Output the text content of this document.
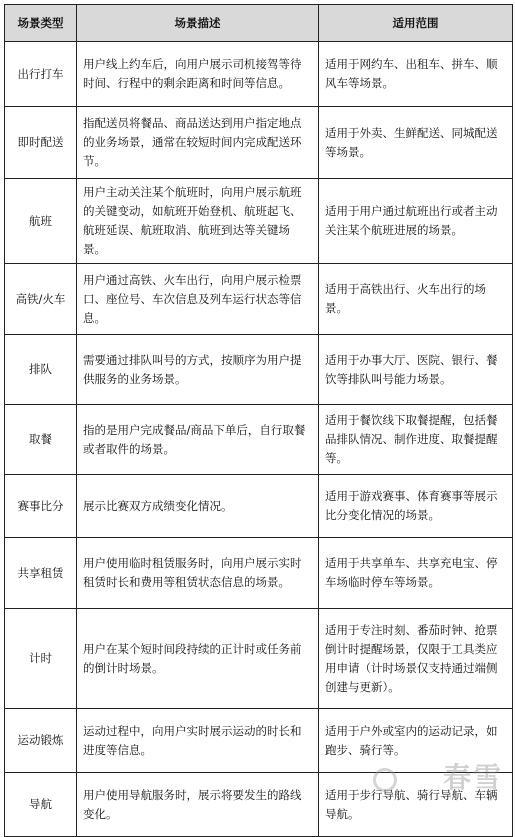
场景类型	场景描述	适用范围
出行打车	用户线上约车后，向用户展示司机接驾等待时间、行程中的剩余距离和时间等信息。	适用于网约车、出租车、拼车、顺风车等场景。
即时配送	指配送员将餐品、商品送达到用户指定地点的业务场景，通常在较短时间内完成配送环节。	适用于外卖、生鲜配送、同城配送等场景。
航班	用户主动关注某个航班时，向用户展示航班的关键变动，如航班开始登机、航班起飞、航班延误、航班取消、航班到达等关键场景。	适用于用户通过航班出行或者主动关注某个航班进展的场景。
高铁/火车	用户通过高铁、火车出行，向用户展示检票口、座位号、车次信息及列车运行状态等信息。	适用于高铁出行、火车出行的场景。
排队	需要通过排队叫号的方式，按顺序为用户提供服务的业务场景。	适用于办事大厅、医院、银行、餐饮等排队叫号能力场景。
取餐	指的是用户完成餐品/商品下单后，自行取餐或者取件的场景。	适用于餐饮线下取餐提醒，包括餐品排队情况、制作进度、取餐提醒等。
赛事比分	展示比赛双方成绩变化情况。	适用于游戏赛事、体育赛事等展示比分变化情况的场景。
共享租赁	用户使用临时租赁服务时，向用户展示实时租赁时长和费用等租赁状态信息的场景。	适用于共享单车、共享充电宝、停车场临时停车等场景。
计时	用户在某个短时间段持续的正计时或任务前的倒计时场景。	适用于专注时刻、番茄时钟、抢票倒计时提醒场景，仅限于工具类应用申请（计时场景仅支持通过端侧创建与更新）。
运动锻炼	运动过程中，向用户实时展示运动的时长和进度等信息。	适用于户外或室内的运动记录，如跑步、骑行等。
导航	用户使用导航服务时，展示将要发生的路线变化。	适用于步行导航、骑行导航、车辆导航。
春雪
